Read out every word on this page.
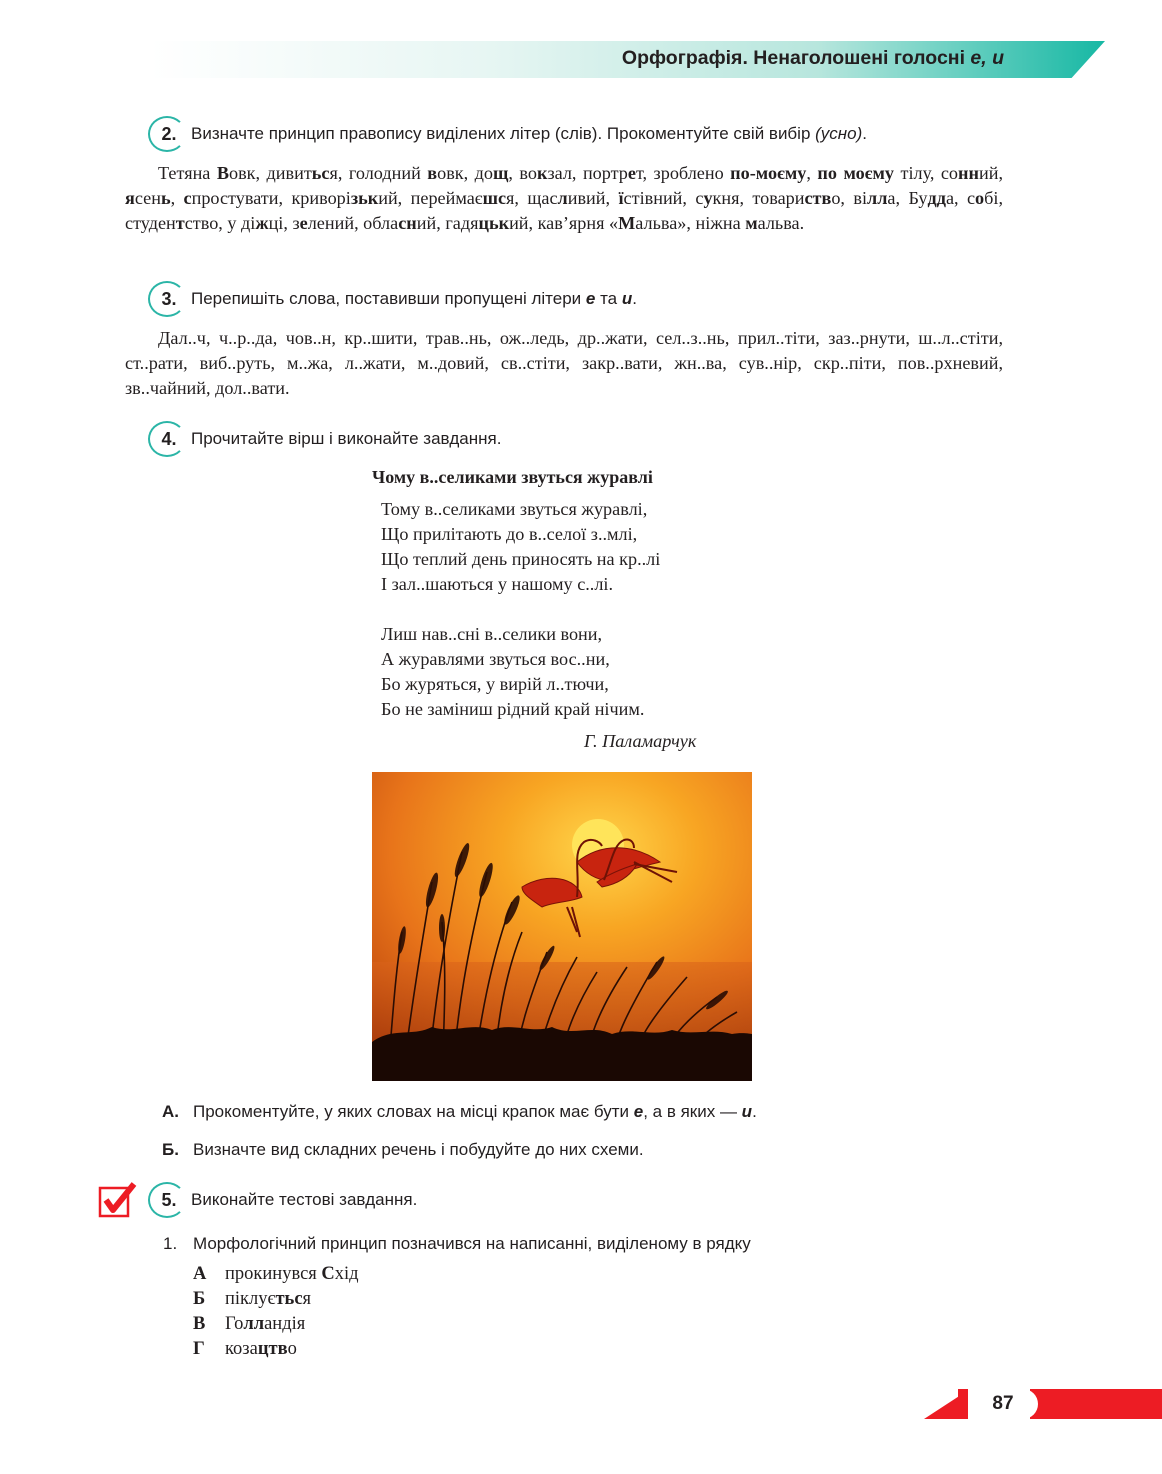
Орфографія. Ненаголошені голосні е, и
2. Визначте принцип правопису виділених літер (слів). Прокоментуйте свій вибір (усно).
Тетяна Вовк, дивиться, голодний вовк, дощ, вокзал, портрет, зроблено по-моєму, по моєму тілу, сонний, ясень, спростувати, криворізький, переймаєшся, щасливий, їстівний, сукня, товариство, вілла, Будда, собі, студентство, у діжці, зелений, обласний, гадяцький, кав’ярня «Мальва», ніжна мальва.
3. Перепишіть слова, поставивши пропущені літери е та и.
Дал..ч, ч..р..да, чов..н, кр..шити, трав..нь, ож..ледь, др..жати, сел..з..нь, прил..тіти, заз..рнути, ш..л..стіти, ст..рати, виб..руть, м..жа, л..жати, м..довий, св..стіти, закр..вати, жн..ва, сув..нір, скр..піти, пов..рхневий, зв..чайний, дол..вати.
4. Прочитайте вірш і виконайте завдання.
Чому в..селиками звуться журавлі
Тому в..селиками звуться журавлі,
Що прилітають до в..селої з..млі,
Що теплий день приносять на кр..лі
І зал..шаються у нашому с..лі.
Лиш нав..сні в..селики вони,
А журавлями звуться вос..ни,
Бо журяться, у вирій л..тючи,
Бо не заміниш рідний край нічим.
Г. Паламарчук
А. Прокоментуйте, у яких словах на місці крапок має бути е, а в яких — и.
Б. Визначте вид складних речень і побудуйте до них схеми.
5. Виконайте тестові завдання.
1. Морфологічний принцип позначився на написанні, виділеному в рядку
А прокинувся Схід
Б піклується
В Голландія
Г козацтво
87
